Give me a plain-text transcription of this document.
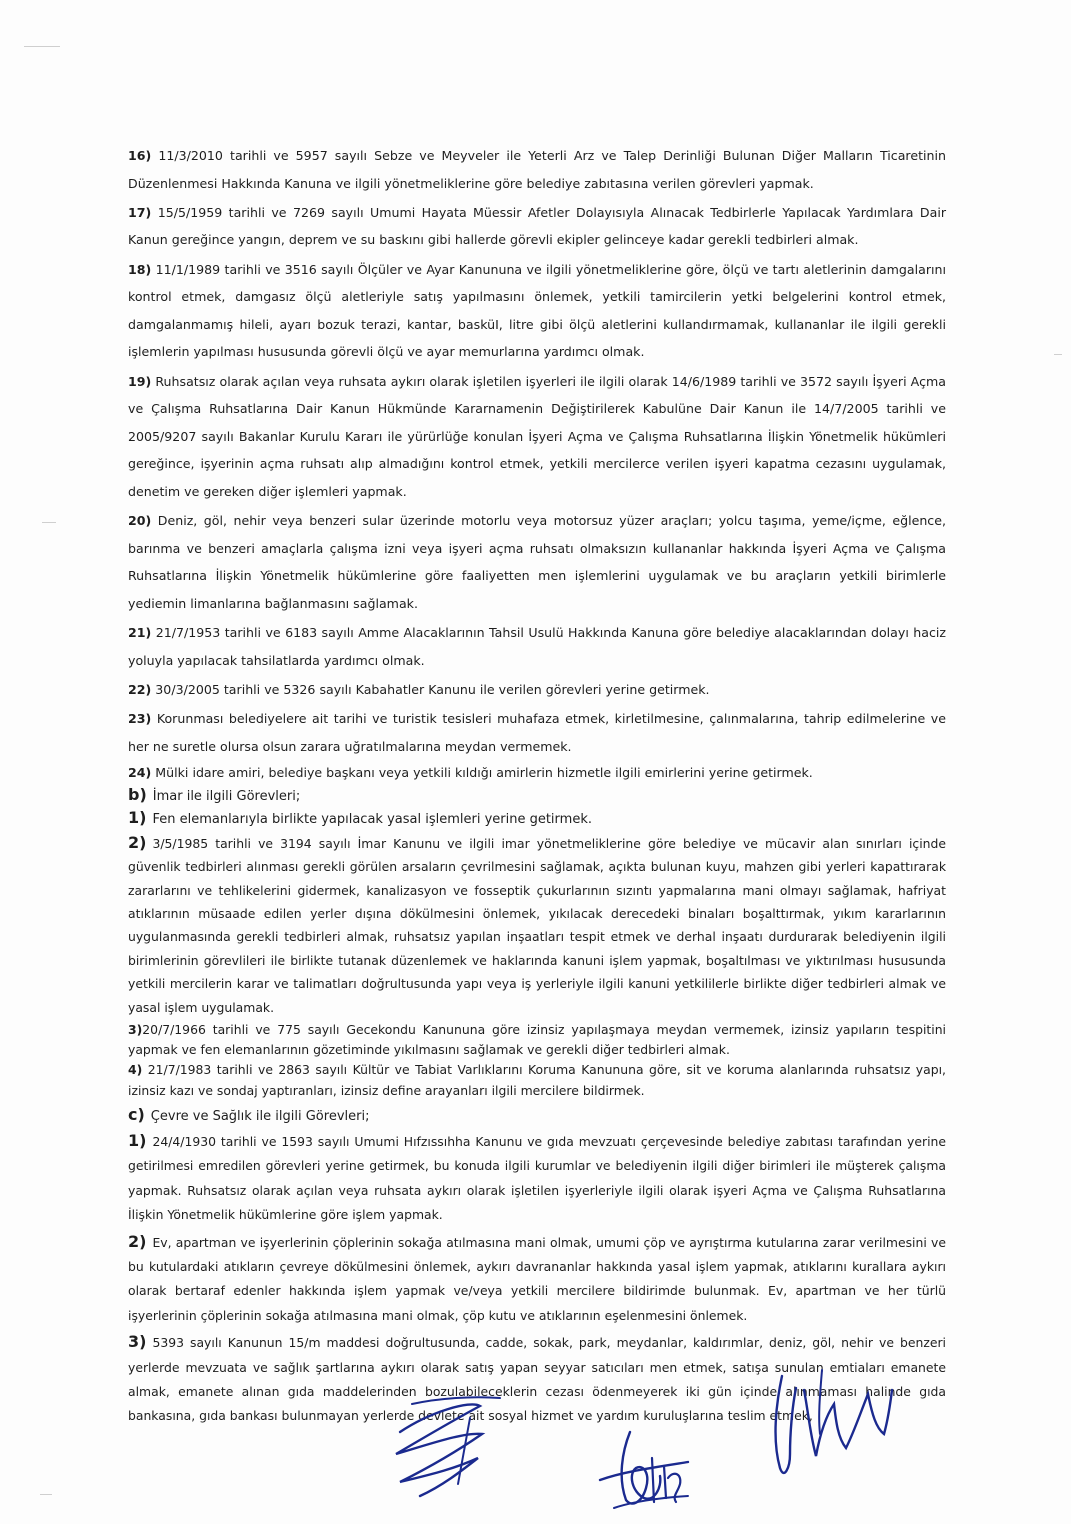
16) 11/3/2010 tarihli ve 5957 sayılı Sebze ve Meyveler ile Yeterli Arz ve Talep Derinliği Bulunan Diğer Malların Ticaretinin Düzenlenmesi Hakkında Kanuna ve ilgili yönetmeliklerine göre belediye zabıtasına verilen görevleri yapmak.

17) 15/5/1959 tarihli ve 7269 sayılı Umumi Hayata Müessir Afetler Dolayısıyla Alınacak Tedbirlerle Yapılacak Yardımlara Dair Kanun gereğince yangın, deprem ve su baskını gibi hallerde görevli ekipler gelinceye kadar gerekli tedbirleri almak.

18) 11/1/1989 tarihli ve 3516 sayılı Ölçüler ve Ayar Kanununa ve ilgili yönetmeliklerine göre, ölçü ve tartı aletlerinin damgalarını kontrol etmek, damgasız ölçü aletleriyle satış yapılmasını önlemek, yetkili tamircilerin yetki belgelerini kontrol etmek, damgalanmamış hileli, ayarı bozuk terazi, kantar, basküI, litre gibi ölçü aletlerini kullandırmamak, kullananlar ile ilgili gerekli işlemlerin yapılması hususunda görevli ölçü ve ayar memurlarına yardımcı olmak.

19) Ruhsatsız olarak açılan veya ruhsata aykırı olarak işletilen işyerleri ile ilgili olarak 14/6/1989 tarihli ve 3572 sayılı İşyeri Açma ve Çalışma Ruhsatlarına Dair Kanun Hükmünde Kararnamenin Değiştirilerek Kabulüne Dair Kanun ile 14/7/2005 tarihli ve 2005/9207 sayılı Bakanlar Kurulu Kararı ile yürürlüğe konulan İşyeri Açma ve Çalışma Ruhsatlarına İlişkin Yönetmelik hükümleri gereğince, işyerinin açma ruhsatı alıp almadığını kontrol etmek, yetkili mercilerce verilen işyeri kapatma cezasını uygulamak, denetim ve gereken diğer işlemleri yapmak.

20) Deniz, göl, nehir veya benzeri sular üzerinde motorlu veya motorsuz yüzer araçları; yolcu taşıma, yeme/içme, eğlence, barınma ve benzeri amaçlarla çalışma izni veya işyeri açma ruhsatı olmaksızın kullananlar hakkında İşyeri Açma ve Çalışma Ruhsatlarına İlişkin Yönetmelik hükümlerine göre faaliyetten men işlemlerini uygulamak ve bu araçların yetkili birimlerle yediemin limanlarına bağlanmasını sağlamak.

21) 21/7/1953 tarihli ve 6183 sayılı Amme Alacaklarının Tahsil Usulü Hakkında Kanuna göre belediye alacaklarından dolayı haciz yoluyla yapılacak tahsilatlarda yardımcı olmak.

22) 30/3/2005 tarihli ve 5326 sayılı Kabahatler Kanunu ile verilen görevleri yerine getirmek.

23) Korunması belediyelere ait tarihi ve turistik tesisleri muhafaza etmek, kirletilmesine, çalınmalarına, tahrip edilmelerine ve her ne suretle olursa olsun zarara uğratılmalarına meydan vermemek.

24) Mülki idare amiri, belediye başkanı veya yetkili kıldığı amirlerin hizmetle ilgili emirlerini yerine getirmek.

b) İmar ile ilgili Görevleri;

1) Fen elemanlarıyla birlikte yapılacak yasal işlemleri yerine getirmek.

2) 3/5/1985 tarihli ve 3194 sayılı İmar Kanunu ve ilgili imar yönetmeliklerine göre belediye ve mücavir alan sınırları içinde güvenlik tedbirleri alınması gerekli görülen arsaların çevrilmesini sağlamak, açıkta bulunan kuyu, mahzen gibi yerleri kapattırarak zararlarını ve tehlikelerini gidermek, kanalizasyon ve fosseptik çukurlarının sızıntı yapmalarına mani olmayı sağlamak, hafriyat atıklarının müsaade edilen yerler dışına dökülmesini önlemek, yıkılacak derecedeki binaları boşalttırmak, yıkım kararlarının uygulanmasında gerekli tedbirleri almak, ruhsatsız yapılan inşaatları tespit etmek ve derhal inşaatı durdurarak belediyenin ilgili birimlerinin görevlileri ile birlikte tutanak düzenlemek ve haklarında kanuni işlem yapmak, boşaltılması ve yıktırılması hususunda yetkili mercilerin karar ve talimatları doğrultusunda yapı veya iş yerleriyle ilgili kanuni yetkililerle birlikte diğer tedbirleri almak ve yasal işlem uygulamak.

3)20/7/1966 tarihli ve 775 sayılı Gecekondu Kanununa göre izinsiz yapılaşmaya meydan vermemek, izinsiz yapıların tespitini yapmak ve fen elemanlarının gözetiminde yıkılmasını sağlamak ve gerekli diğer tedbirleri almak.

4) 21/7/1983 tarihli ve 2863 sayılı Kültür ve Tabiat Varlıklarını Koruma Kanununa göre, sit ve koruma alanlarında ruhsatsız yapı, izinsiz kazı ve sondaj yaptıranları, izinsiz define arayanları ilgili mercilere bildirmek.

c) Çevre ve Sağlık ile ilgili Görevleri;

1) 24/4/1930 tarihli ve 1593 sayılı Umumi Hıfzıssıhha Kanunu ve gıda mevzuatı çerçevesinde belediye zabıtası tarafından yerine getirilmesi emredilen görevleri yerine getirmek, bu konuda ilgili kurumlar ve belediyenin ilgili diğer birimleri ile müşterek çalışma yapmak. Ruhsatsız olarak açılan veya ruhsata aykırı olarak işletilen işyerleriyle ilgili olarak işyeri Açma ve Çalışma Ruhsatlarına İlişkin Yönetmelik hükümlerine göre işlem yapmak.

2) Ev, apartman ve işyerlerinin çöplerinin sokağa atılmasına mani olmak, umumi çöp ve ayrıştırma kutularına zarar verilmesini ve bu kutulardaki atıkların çevreye dökülmesini önlemek, aykırı davrananlar hakkında yasal işlem yapmak, atıklarını kurallara aykırı olarak bertaraf edenler hakkında işlem yapmak ve/veya yetkili mercilere bildirimde bulunmak. Ev, apartman ve her türlü işyerlerinin çöplerinin sokağa atılmasına mani olmak, çöp kutu ve atıklarının eşelenmesini önlemek.

3) 5393 sayılı Kanunun 15/m maddesi doğrultusunda, cadde, sokak, park, meydanlar, kaldırımlar, deniz, göl, nehir ve benzeri yerlerde mevzuata ve sağlık şartlarına aykırı olarak satış yapan seyyar satıcıları men etmek, satışa sunulan emtiaları emanete almak, emanete alınan gıda maddelerinden bozulabileceklerin cezası ödenmeyerek iki gün içinde alınmaması halinde gıda bankasına, gıda bankası bulunmayan yerlerde devlete ait sosyal hizmet ve yardım kuruluşlarına teslim etmek,
